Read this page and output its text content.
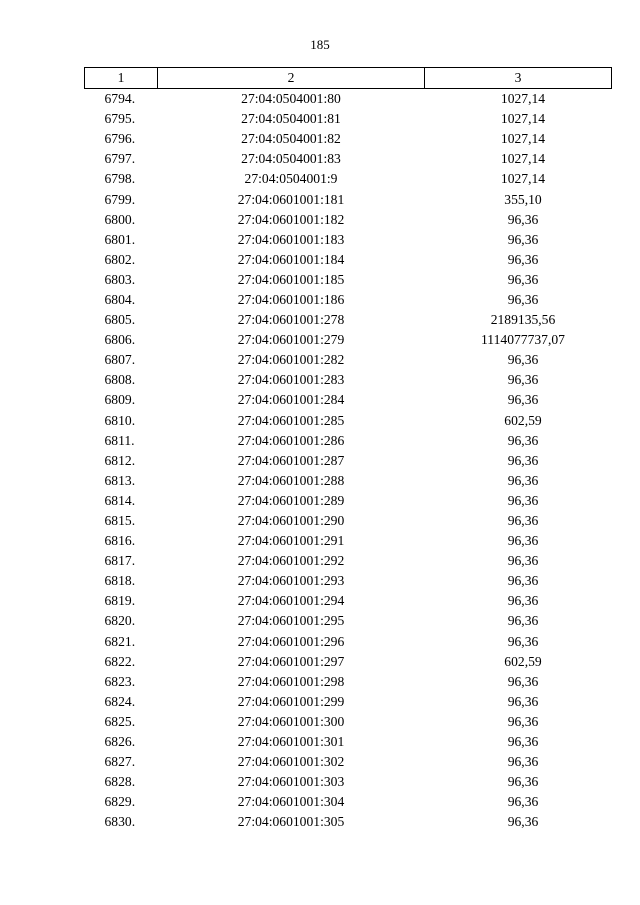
185
1	2	3
6794.	27:04:0504001:80	1027,14
6795.	27:04:0504001:81	1027,14
6796.	27:04:0504001:82	1027,14
6797.	27:04:0504001:83	1027,14
6798.	27:04:0504001:9	1027,14
6799.	27:04:0601001:181	355,10
6800.	27:04:0601001:182	96,36
6801.	27:04:0601001:183	96,36
6802.	27:04:0601001:184	96,36
6803.	27:04:0601001:185	96,36
6804.	27:04:0601001:186	96,36
6805.	27:04:0601001:278	2189135,56
6806.	27:04:0601001:279	1114077737,07
6807.	27:04:0601001:282	96,36
6808.	27:04:0601001:283	96,36
6809.	27:04:0601001:284	96,36
6810.	27:04:0601001:285	602,59
6811.	27:04:0601001:286	96,36
6812.	27:04:0601001:287	96,36
6813.	27:04:0601001:288	96,36
6814.	27:04:0601001:289	96,36
6815.	27:04:0601001:290	96,36
6816.	27:04:0601001:291	96,36
6817.	27:04:0601001:292	96,36
6818.	27:04:0601001:293	96,36
6819.	27:04:0601001:294	96,36
6820.	27:04:0601001:295	96,36
6821.	27:04:0601001:296	96,36
6822.	27:04:0601001:297	602,59
6823.	27:04:0601001:298	96,36
6824.	27:04:0601001:299	96,36
6825.	27:04:0601001:300	96,36
6826.	27:04:0601001:301	96,36
6827.	27:04:0601001:302	96,36
6828.	27:04:0601001:303	96,36
6829.	27:04:0601001:304	96,36
6830.	27:04:0601001:305	96,36
